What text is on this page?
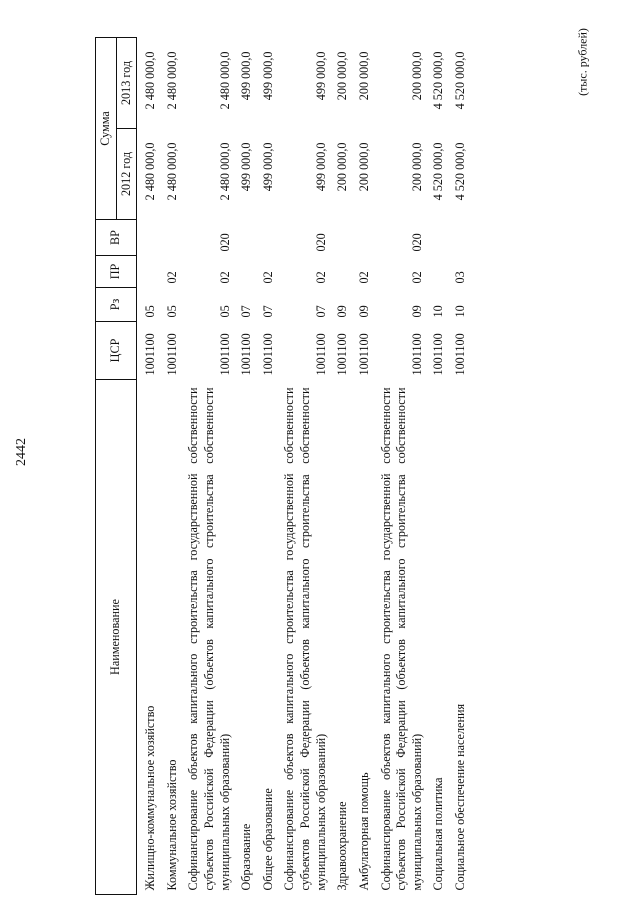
2442
(тыс. рублей)
Наименование	ЦСР	Рз	ПР	ВР	Сумма	
					2012 год	2013 год
Жилищно-коммунальное хозяйство	1001100	05			2 480 000,0	2 480 000,0
Коммунальное хозяйство	1001100	05	02		2 480 000,0	2 480 000,0
Софинансирование объектов капитального строительства государственной собственности субъектов Российской Федерации (объектов капитального строительства собственности муниципальных образований)	1001100	05	02	020	2 480 000,0	2 480 000,0
Образование	1001100	07			499 000,0	499 000,0
Общее образование	1001100	07	02		499 000,0	499 000,0
Софинансирование объектов капитального строительства государственной собственности субъектов Российской Федерации (объектов капитального строительства собственности муниципальных образований)	1001100	07	02	020	499 000,0	499 000,0
Здравоохранение	1001100	09			200 000,0	200 000,0
Амбулаторная помощь	1001100	09	02		200 000,0	200 000,0
Софинансирование объектов капитального строительства государственной собственности субъектов Российской Федерации (объектов капитального строительства собственности муниципальных образований)	1001100	09	02	020	200 000,0	200 000,0
Социальная политика	1001100	10			4 520 000,0	4 520 000,0
Социальное обеспечение населения	1001100	10	03		4 520 000,0	4 520 000,0
